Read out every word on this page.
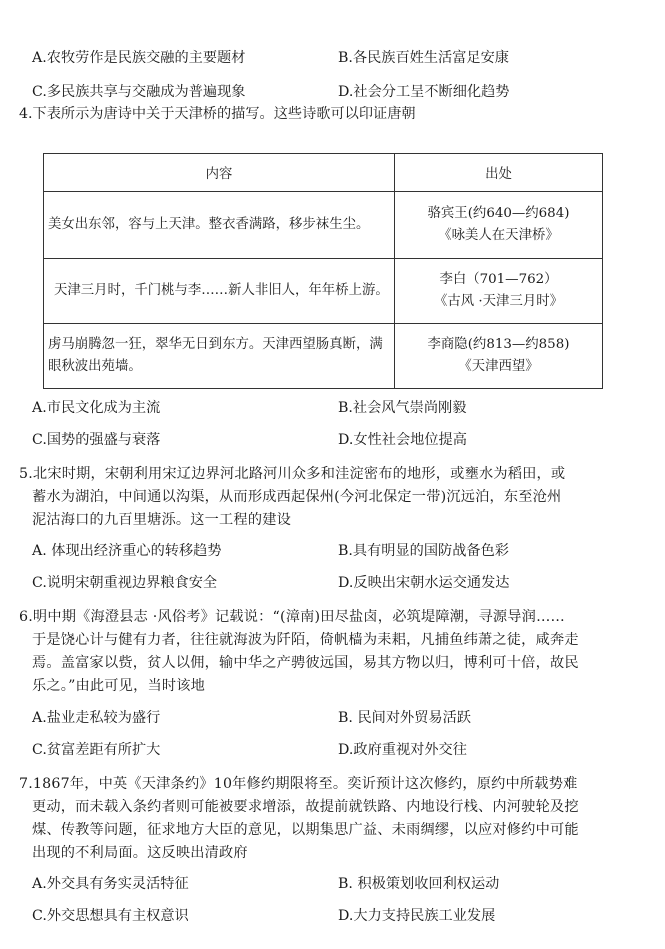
A.农牧劳作是民族交融的主要题材	B.各民族百姓生活富足安康
C.多民族共享与交融成为普遍现象	D.社会分工呈不断细化趋势
4.下表所示为唐诗中关于天津桥的描写。这些诗歌可以印证唐朝
内容	出处
美女出东邻，容与上天津。整衣香满路，移步袜生尘。	骆宾王(约640—约684)
《咏美人在天津桥》

天津三月时，千门桃与李……新人非旧人，年年桥上游。	李白（701—762）
《古风 ·天津三月时》

虏马崩腾忽一狂，翠华无日到东方。天津西望肠真断，满眼秋波出苑墙。	李商隐(约813—约858)
《天津西望》
A.市民文化成为主流	B.社会风气崇尚刚毅
C.国势的强盛与衰落	D.女性社会地位提高
5.北宋时期，宋朝利用宋辽边界河北路河川众多和洼淀密布的地形，或壅水为稻田，或
蓄水为湖泊，中间通以沟渠，从而形成西起保州(今河北保定一带)沉远泊，东至沧州
泥沽海口的九百里塘泺。这一工程的建设
A. 体现出经济重心的转移趋势	B.具有明显的国防战备色彩
C.说明宋朝重视边界粮食安全	D.反映出宋朝水运交通发达
6.明中期《海澄县志 ·风俗考》记载说：“(漳南)田尽盐卤，必筑堤障潮，寻源导润……
于是饶心计与健有力者，往往就海波为阡陌，倚帆樯为耒耜，凡捕鱼纬萧之徒，咸奔走
焉。盖富家以赀，贫人以佣，输中华之产骋彼远国，易其方物以归，博利可十倍，故民
乐之。”由此可见，当时该地
A.盐业走私较为盛行	B. 民间对外贸易活跃
C.贫富差距有所扩大	D.政府重视对外交往
7.1867年，中英《天津条约》10年修约期限将至。奕䜣预计这次修约，原约中所载势难
更动，而未载入条约者则可能被要求增添，故提前就铁路、内地设行栈、内河驶轮及挖
煤、传教等问题，征求地方大臣的意见，以期集思广益、未雨绸缪，以应对修约中可能
出现的不利局面。这反映出清政府
A.外交具有务实灵活特征	B. 积极策划收回利权运动
C.外交思想具有主权意识	D.大力支持民族工业发展
